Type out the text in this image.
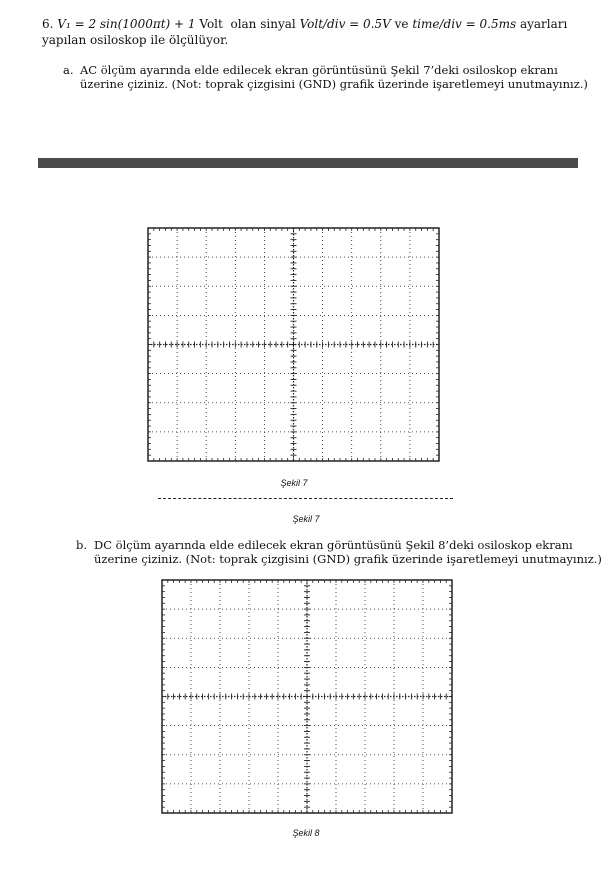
6. V₁ = 2 sin(1000πt) + 1 Volt olan sinyal Volt/div = 0.5V ve time/div = 0.5ms ayarları
yapılan osiloskop ile ölçülüyor.
a. AC ölçüm ayarında elde edilecek ekran görüntüsünü Şekil 7’deki osiloskop ekranı
üzerine çiziniz. (Not: toprak çizgisini (GND) grafik üzerinde işaretlemeyi unutmayınız.)
Şekil 7
Şekil 7
b. DC ölçüm ayarında elde edilecek ekran görüntüsünü Şekil 8’deki osiloskop ekranı
üzerine çiziniz. (Not: toprak çizgisini (GND) grafik üzerinde işaretlemeyi unutmayınız.)
Şekil 8
